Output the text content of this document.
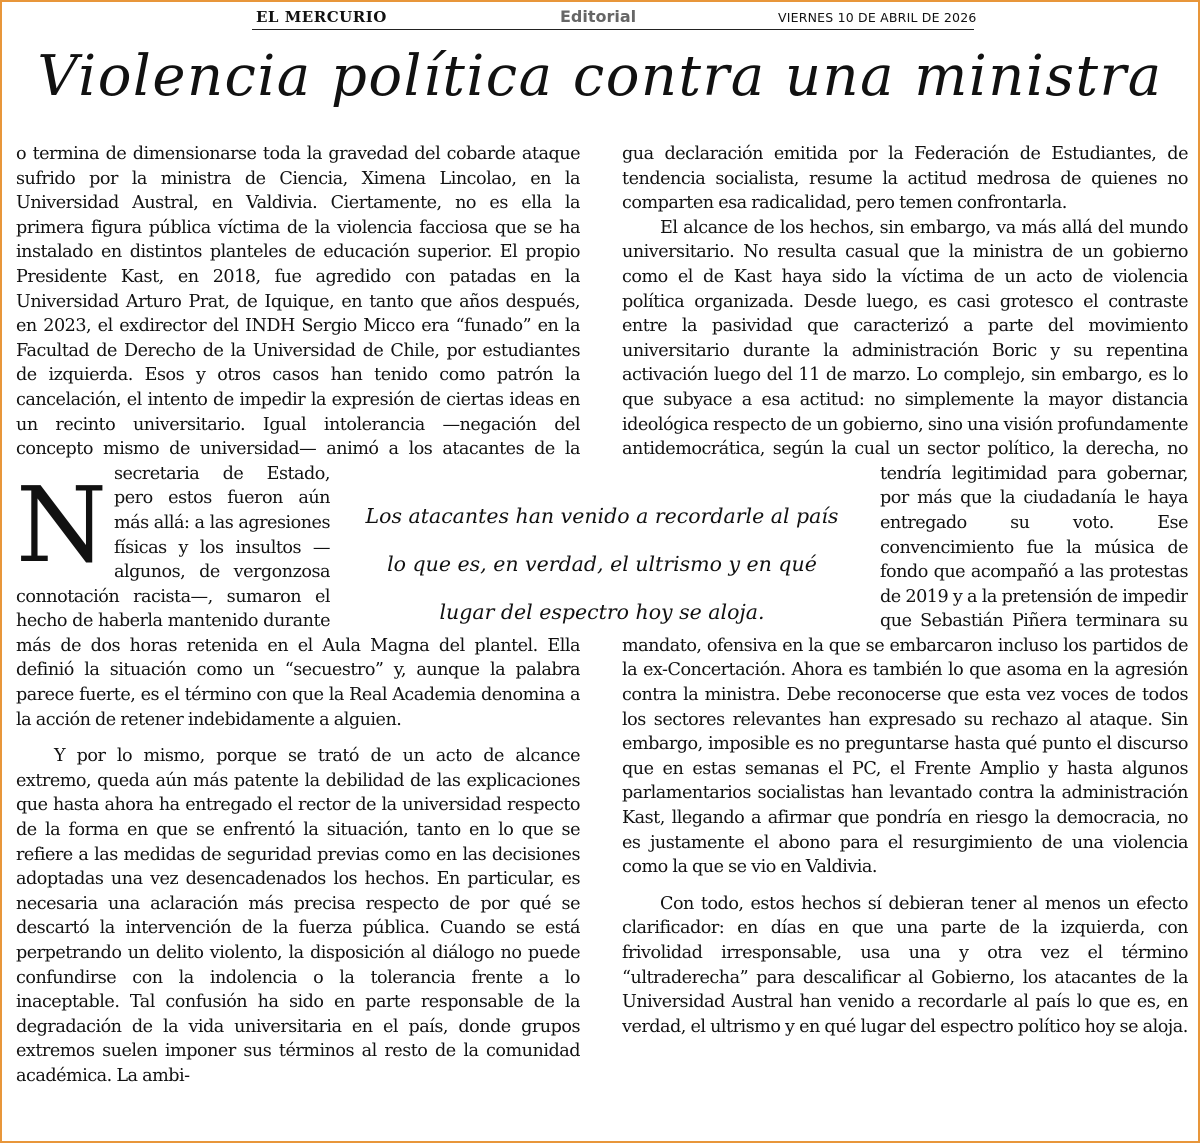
EL MERCURIO	Editorial	VIERNES 10 DE ABRIL DE 2026
Violencia política contra una ministra

N
o termina de dimensionarse toda la gravedad del cobarde ataque sufrido por la ministra de Ciencia, Ximena Lincolao, en la Universidad Austral, en Valdivia. Ciertamente, no es ella la primera figura pública víctima de la violencia facciosa que se ha instalado en distintos planteles de educación superior. El propio Presidente Kast, en 2018, fue agredido con patadas en la Universidad Arturo Prat, de Iquique, en tanto que años después, en 2023, el exdirector del INDH Sergio Micco era “funado” en la Facultad de Derecho de la Universidad de Chile, por estudiantes de izquierda. Esos y otros casos han tenido como patrón la cancelación, el intento de impedir la expresión de ciertas ideas en un recinto universitario. Igual intolerancia —negación del concepto mismo de universidad— animó a los atacantes de la secretaria de Estado, pero estos fueron aún más allá: a las agresiones físicas y los insultos —algunos, de vergonzosa connotación racista—, sumaron el hecho de haberla mantenido durante más de dos horas retenida en el Aula Magna del plantel. Ella definió la situación como un “secuestro” y, aunque la palabra parece fuerte, es el término con que la Real Academia denomina a la acción de retener indebidamente a alguien.

Y por lo mismo, porque se trató de un acto de alcance extremo, queda aún más patente la debilidad de las explicaciones que hasta ahora ha entregado el rector de la universidad respecto de la forma en que se enfrentó la situación, tanto en lo que se refiere a las medidas de seguridad previas como en las decisiones adoptadas una vez desencadenados los hechos. En particular, es necesaria una aclaración más precisa respecto de por qué se descartó la intervención de la fuerza pública. Cuando se está perpetrando un delito violento, la disposición al diálogo no puede confundirse con la indolencia o la tolerancia frente a lo inaceptable. Tal confusión ha sido en parte responsable de la degradación de la vida universitaria en el país, donde grupos extremos suelen imponer sus términos al resto de la comunidad académica. La ambi-

gua declaración emitida por la Federación de Estudiantes, de tendencia socialista, resume la actitud medrosa de quienes no comparten esa radicalidad, pero temen confrontarla.

El alcance de los hechos, sin embargo, va más allá del mundo universitario. No resulta casual que la ministra de un gobierno como el de Kast haya sido la víctima de un acto de violencia política organizada. Desde luego, es casi grotesco el contraste entre la pasividad que caracterizó a parte del movimiento universitario durante la administración Boric y su repentina activación luego del 11 de marzo. Lo complejo, sin embargo, es lo que subyace a esa actitud: no simplemente la mayor distancia ideológica respecto de un gobierno, sino una visión profundamente antidemocrática, según la cual un sector político, la derecha, no tendría legitimidad para gobernar, por más que la ciudadanía le haya entregado su voto. Ese convencimiento fue la música de fondo que acompañó a las protestas de 2019 y a la pretensión de impedir que Sebastián Piñera terminara su mandato, ofensiva en la que se embarcaron incluso los partidos de la ex-Concertación. Ahora es también lo que asoma en la agresión contra la ministra. Debe reconocerse que esta vez voces de todos los sectores relevantes han expresado su rechazo al ataque. Sin embargo, imposible es no preguntarse hasta qué punto el discurso que en estas semanas el PC, el Frente Amplio y hasta algunos parlamentarios socialistas han levantado contra la administración Kast, llegando a afirmar que pondría en riesgo la democracia, no es justamente el abono para el resurgimiento de una violencia como la que se vio en Valdivia.

Con todo, estos hechos sí debieran tener al menos un efecto clarificador: en días en que una parte de la izquierda, con frivolidad irresponsable, usa una y otra vez el término “ultraderecha” para descalificar al Gobierno, los atacantes de la Universidad Austral han venido a recordarle al país lo que es, en verdad, el ultrismo y en qué lugar del espectro político hoy se aloja.

Los atacantes han venido a recordarle al país
lo que es, en verdad, el ultrismo y en qué
lugar del espectro hoy se aloja.
